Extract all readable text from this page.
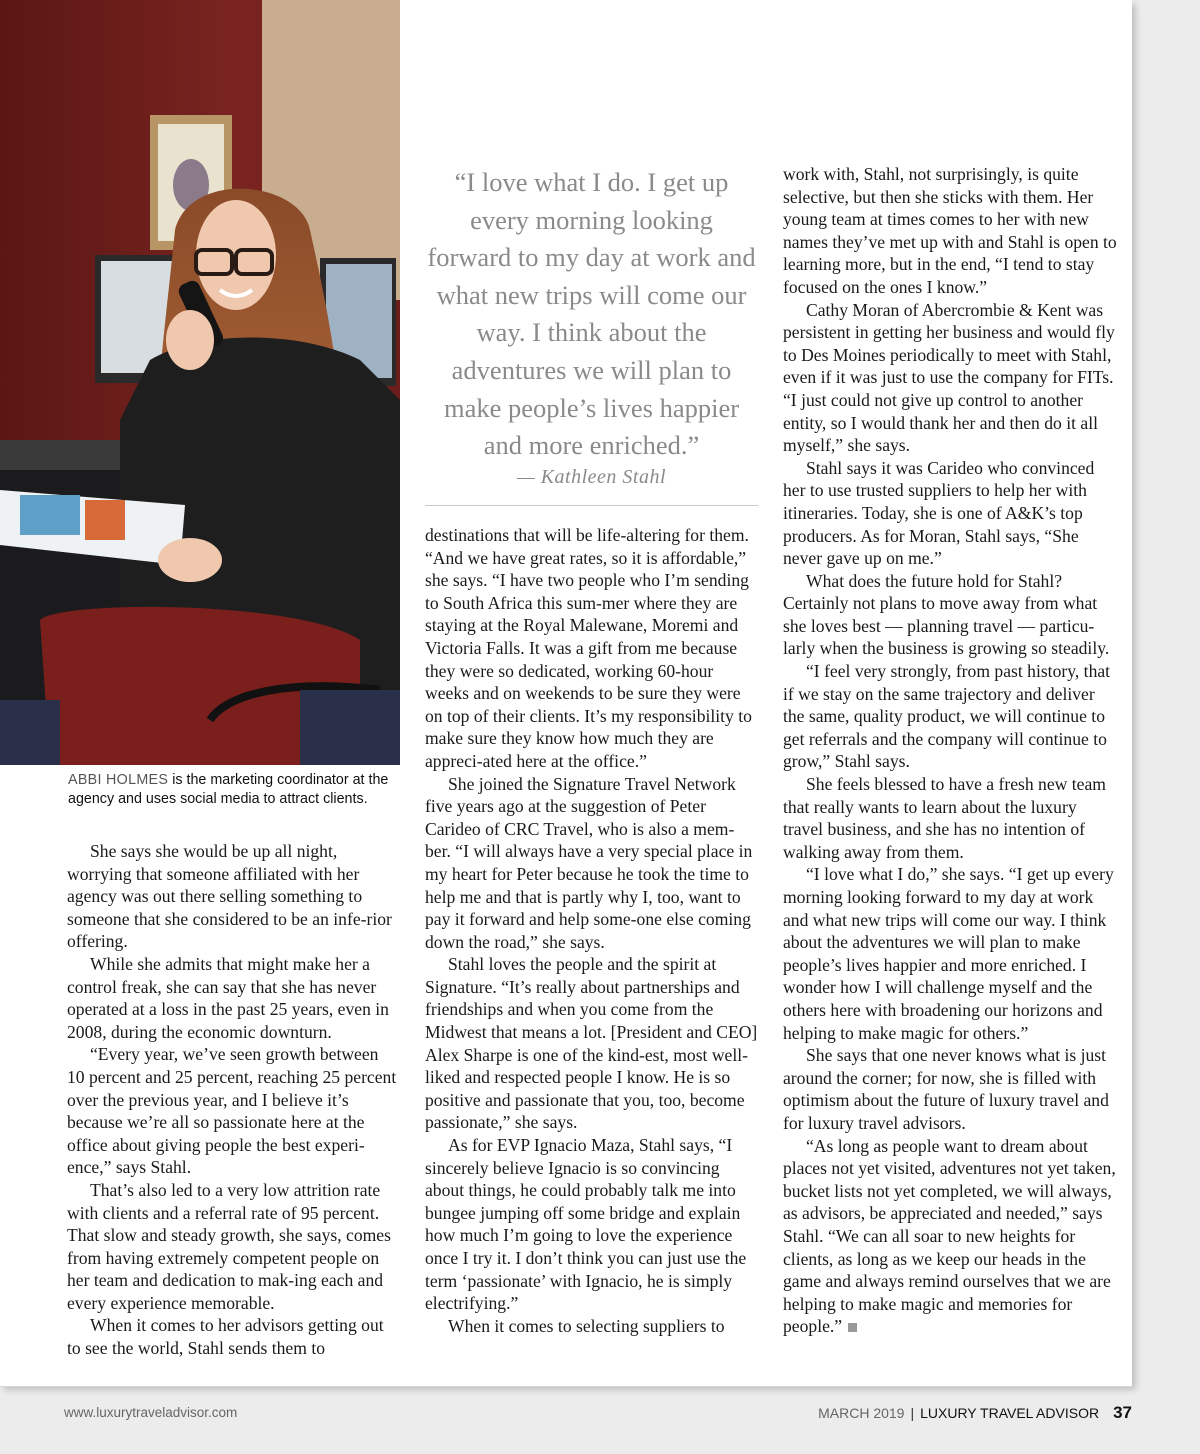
ABBI HOLMES is the marketing coordinator at the agency and uses social media to attract clients.

She says she would be up all night, worrying that someone affiliated with her agency was out there selling something to someone that she considered to be an infe-rior offering.

While she admits that might make her a control freak, she can say that she has never operated at a loss in the past 25 years, even in 2008, during the economic downturn.

“Every year, we’ve seen growth between 10 percent and 25 percent, reaching 25 percent over the previous year, and I believe it’s because we’re all so passionate here at the office about giving people the best experi-ence,” says Stahl.

That’s also led to a very low attrition rate with clients and a referral rate of 95 percent. That slow and steady growth, she says, comes from having extremely competent people on her team and dedication to mak-ing each and every experience memorable.

When it comes to her advisors getting out to see the world, Stahl sends them to

“I love what I do. I get up every morning looking forward to my day at work and what new trips will come our way. I think about the adventures we will plan to make people’s lives happier and more enriched.”
— Kathleen Stahl

destinations that will be life-altering for them. “And we have great rates, so it is affordable,” she says. “I have two people who I’m sending to South Africa this sum-mer where they are staying at the Royal Malewane, Moremi and Victoria Falls. It was a gift from me because they were so dedicated, working 60-hour weeks and on weekends to be sure they were on top of their clients. It’s my responsibility to make sure they know how much they are appreci-ated here at the office.”

She joined the Signature Travel Network five years ago at the suggestion of Peter Carideo of CRC Travel, who is also a mem-ber. “I will always have a very special place in my heart for Peter because he took the time to help me and that is partly why I, too, want to pay it forward and help some-one else coming down the road,” she says.

Stahl loves the people and the spirit at Signature. “It’s really about partnerships and friendships and when you come from the Midwest that means a lot. [President and CEO] Alex Sharpe is one of the kind-est, most well-liked and respected people I know. He is so positive and passionate that you, too, become passionate,” she says.

As for EVP Ignacio Maza, Stahl says, “I sincerely believe Ignacio is so convincing about things, he could probably talk me into bungee jumping off some bridge and explain how much I’m going to love the experience once I try it. I don’t think you can just use the term ‘passionate’ with Ignacio, he is simply electrifying.”

When it comes to selecting suppliers to

work with, Stahl, not surprisingly, is quite selective, but then she sticks with them. Her young team at times comes to her with new names they’ve met up with and Stahl is open to learning more, but in the end, “I tend to stay focused on the ones I know.”

Cathy Moran of Abercrombie & Kent was persistent in getting her business and would fly to Des Moines periodically to meet with Stahl, even if it was just to use the company for FITs. “I just could not give up control to another entity, so I would thank her and then do it all myself,” she says.

Stahl says it was Carideo who convinced her to use trusted suppliers to help her with itineraries. Today, she is one of A&K’s top producers. As for Moran, Stahl says, “She never gave up on me.”

What does the future hold for Stahl? Certainly not plans to move away from what she loves best — planning travel — particu-larly when the business is growing so steadily.

“I feel very strongly, from past history, that if we stay on the same trajectory and deliver the same, quality product, we will continue to get referrals and the company will continue to grow,” Stahl says.

She feels blessed to have a fresh new team that really wants to learn about the luxury travel business, and she has no intention of walking away from them.

“I love what I do,” she says. “I get up every morning looking forward to my day at work and what new trips will come our way. I think about the adventures we will plan to make people’s lives happier and more enriched. I wonder how I will challenge myself and the others here with broadening our horizons and helping to make magic for others.”

She says that one never knows what is just around the corner; for now, she is filled with optimism about the future of luxury travel and for luxury travel advisors.

“As long as people want to dream about places not yet visited, adventures not yet taken, bucket lists not yet completed, we will always, as advisors, be appreciated and needed,” says Stahl. “We can all soar to new heights for clients, as long as we keep our heads in the game and always remind ourselves that we are helping to make magic and memories for people.”

www.luxurytraveladvisor.com	MARCH 2019 | LUXURY TRAVEL ADVISOR 37
